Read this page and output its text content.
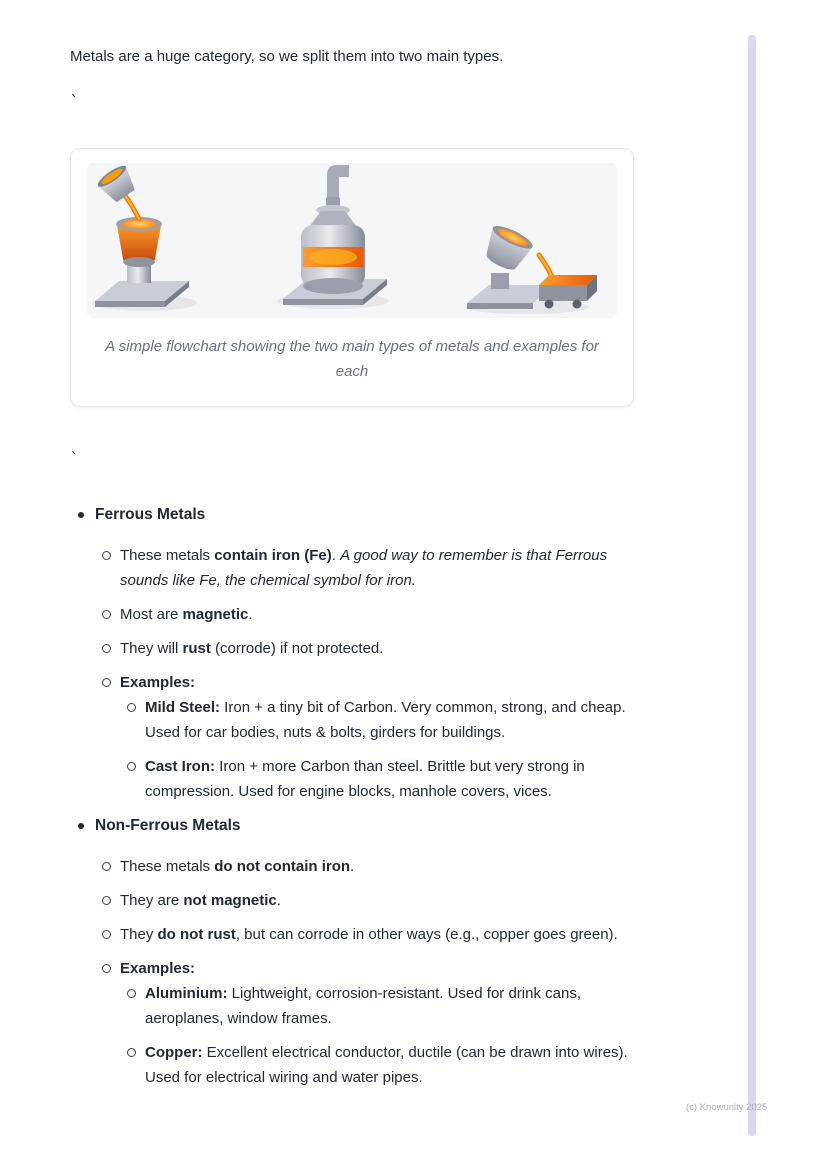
Metals are a huge category, so we split them into two main types.

`
A simple flowchart showing the two main types of metals and examples for each
`
Ferrous Metals
These metals contain iron (Fe). A good way to remember is that Ferrous sounds like Fe, the chemical symbol for iron.
Most are magnetic.
They will rust (corrode) if not protected.
Examples:
Mild Steel: Iron + a tiny bit of Carbon. Very common, strong, and cheap. Used for car bodies, nuts & bolts, girders for buildings.
Cast Iron: Iron + more Carbon than steel. Brittle but very strong in compression. Used for engine blocks, manhole covers, vices.
Non-Ferrous Metals
These metals do not contain iron.
They are not magnetic.
They do not rust, but can corrode in other ways (e.g., copper goes green).
Examples:
Aluminium: Lightweight, corrosion-resistant. Used for drink cans, aeroplanes, window frames.
Copper: Excellent electrical conductor, ductile (can be drawn into wires). Used for electrical wiring and water pipes.
(c) Knowunity 2025
